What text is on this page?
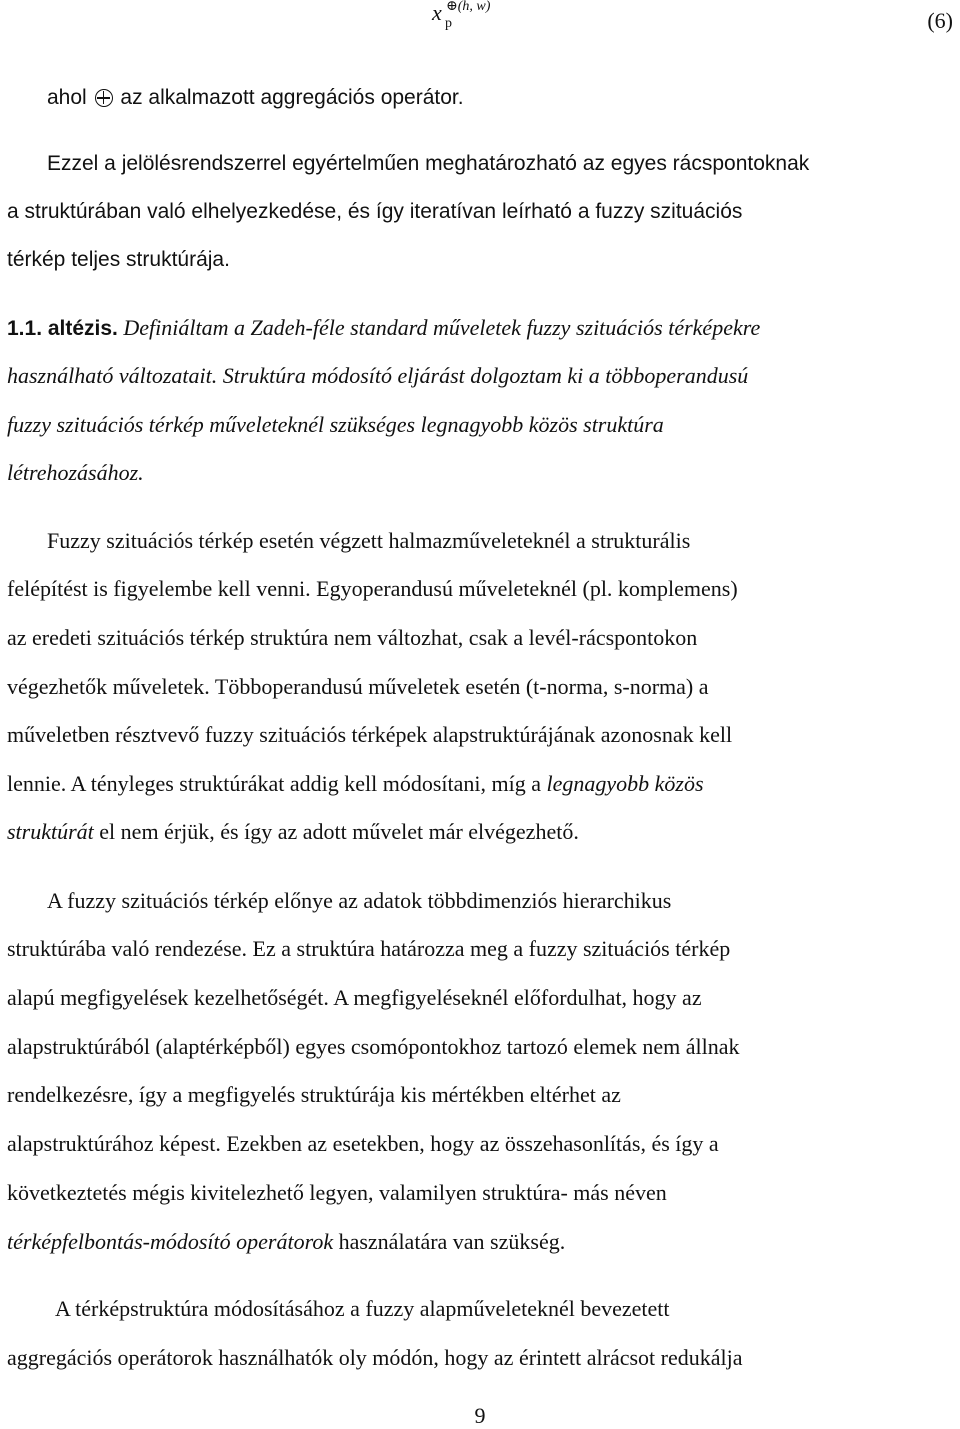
x ⊕(h, w)
p	(6)
ahol az alkalmazott aggregációs operátor.
Ezzel a jelölésrendszerrel egyértelműen meghatározható az egyes rácspontoknak
a struktúrában való elhelyezkedése, és így iteratívan leírható a fuzzy szituációs
térkép teljes struktúrája.
1.1. altézis. Definiáltam a Zadeh-féle standard műveletek fuzzy szituációs térképekre
használható változatait. Struktúra módosító eljárást dolgoztam ki a többoperandusú
fuzzy szituációs térkép műveleteknél szükséges legnagyobb közös struktúra
létrehozásához.
Fuzzy szituációs térkép esetén végzett halmazműveleteknél a strukturális
felépítést is figyelembe kell venni. Egyoperandusú műveleteknél (pl. komplemens)
az eredeti szituációs térkép struktúra nem változhat, csak a levél-rácspontokon
végezhetők műveletek. Többoperandusú műveletek esetén (t-norma, s-norma) a
műveletben résztvevő fuzzy szituációs térképek alapstruktúrájának azonosnak kell
lennie. A tényleges struktúrákat addig kell módosítani, míg a legnagyobb közös
struktúrát el nem érjük, és így az adott művelet már elvégezhető.
A fuzzy szituációs térkép előnye az adatok többdimenziós hierarchikus
struktúrába való rendezése. Ez a struktúra határozza meg a fuzzy szituációs térkép
alapú megfigyelések kezelhetőségét. A megfigyeléseknél előfordulhat, hogy az
alapstruktúrából (alaptérképből) egyes csomópontokhoz tartozó elemek nem állnak
rendelkezésre, így a megfigyelés struktúrája kis mértékben eltérhet az
alapstruktúrához képest. Ezekben az esetekben, hogy az összehasonlítás, és így a
következtetés mégis kivitelezhető legyen, valamilyen struktúra- más néven
térképfelbontás-módosító operátorok használatára van szükség.
A térképstruktúra módosításához a fuzzy alapműveleteknél bevezetett
aggregációs operátorok használhatók oly módón, hogy az érintett alrácsot redukálja
9
